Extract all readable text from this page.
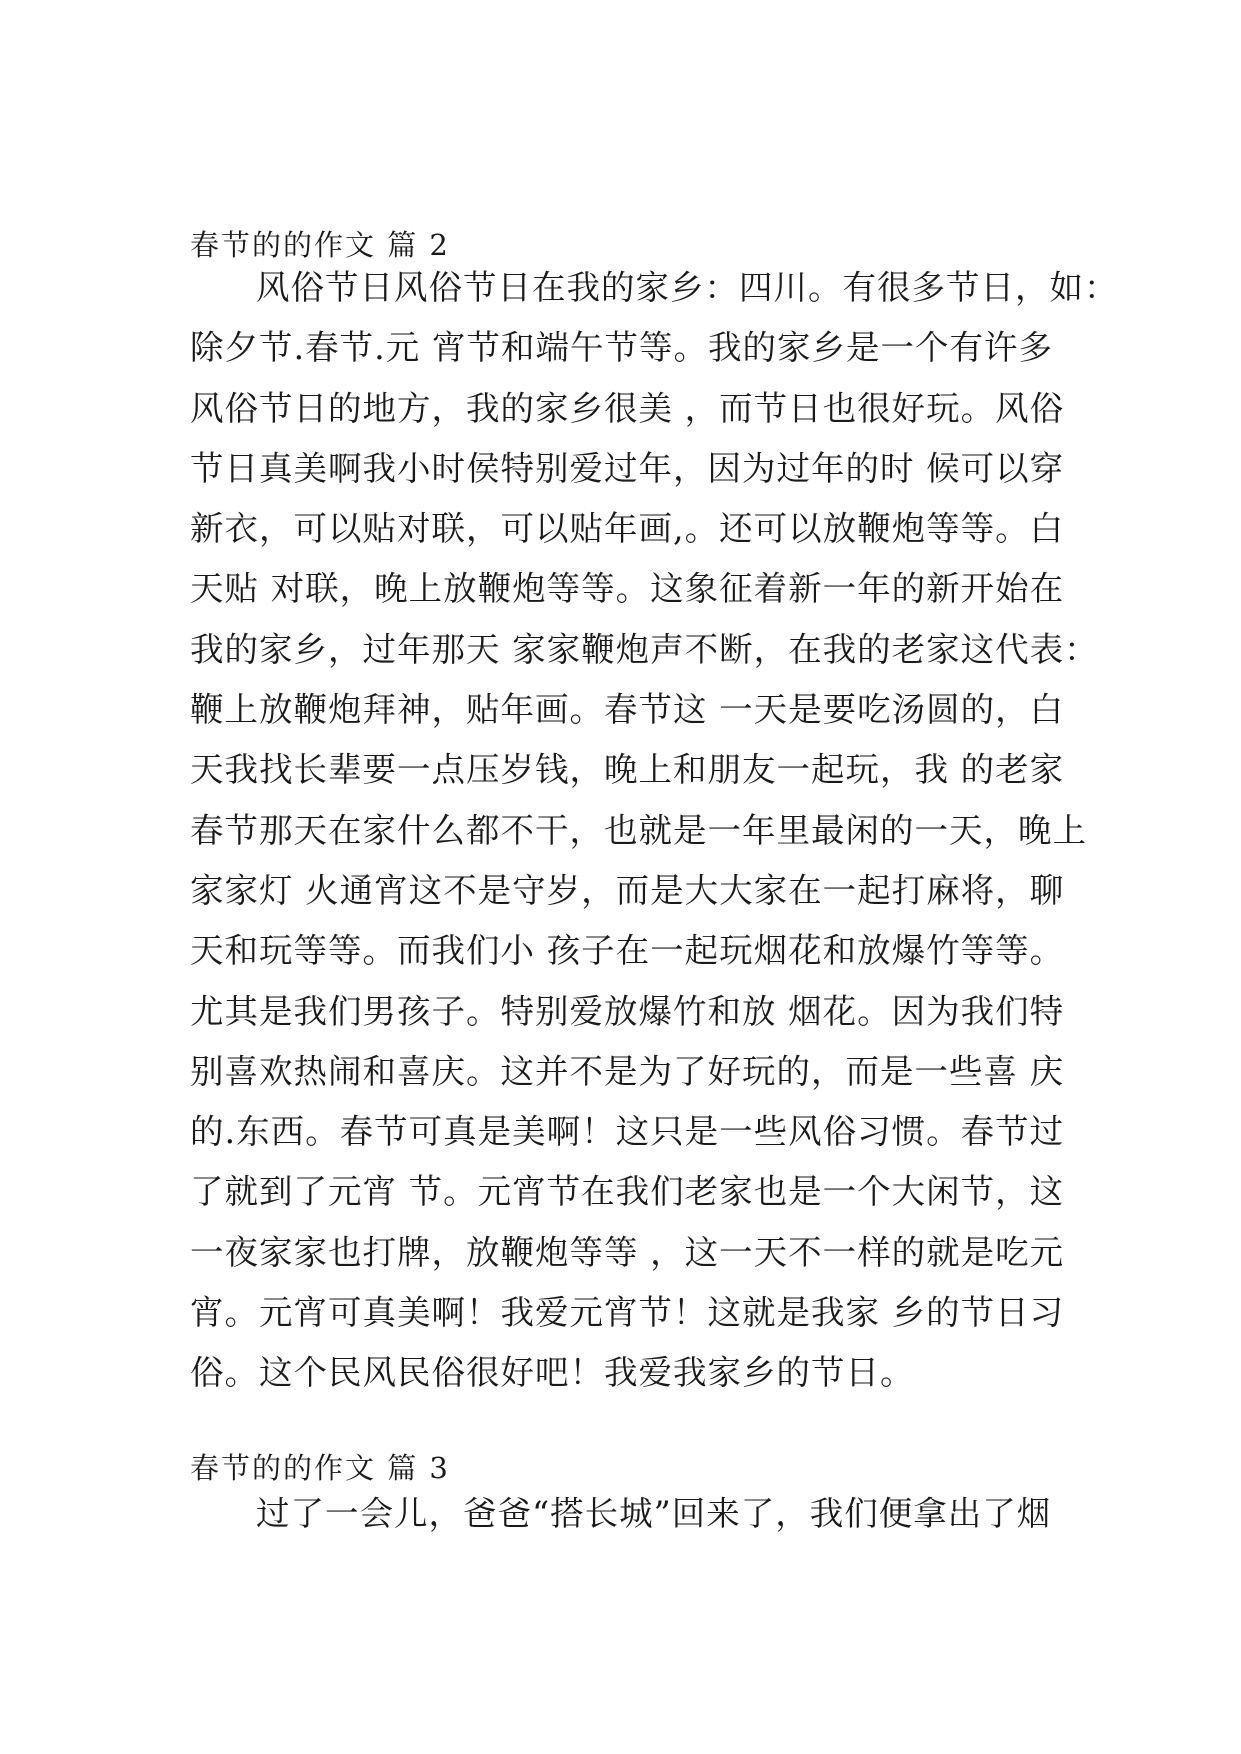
春节的的作文 篇 2
风俗节日风俗节日在我的家乡：四川。有很多节日，如：
除夕节.春节.元 宵节和端午节等。我的家乡是一个有许多
风俗节日的地方，我的家乡很美 ，而节日也很好玩。风俗
节日真美啊我小时侯特别爱过年，因为过年的时 候可以穿
新衣，可以贴对联，可以贴年画,。还可以放鞭炮等等。白
天贴 对联，晚上放鞭炮等等。这象征着新一年的新开始在
我的家乡，过年那天 家家鞭炮声不断，在我的老家这代表：
鞭上放鞭炮拜神，贴年画。春节这 一天是要吃汤圆的，白
天我找长辈要一点压岁钱，晚上和朋友一起玩，我 的老家
春节那天在家什么都不干，也就是一年里最闲的一天，晚上
家家灯 火通宵这不是守岁，而是大大家在一起打麻将，聊
天和玩等等。而我们小 孩子在一起玩烟花和放爆竹等等。
尤其是我们男孩子。特别爱放爆竹和放 烟花。因为我们特
别喜欢热闹和喜庆。这并不是为了好玩的，而是一些喜 庆
的.东西。春节可真是美啊！这只是一些风俗习惯。春节过
了就到了元宵 节。元宵节在我们老家也是一个大闲节，这
一夜家家也打牌，放鞭炮等等 ，这一天不一样的就是吃元
宵。元宵可真美啊！我爱元宵节！这就是我家 乡的节日习
俗。这个民风民俗很好吧！我爱我家乡的节日。
春节的的作文 篇 3
过了一会儿，爸爸“搭长城”回来了，我们便拿出了烟
